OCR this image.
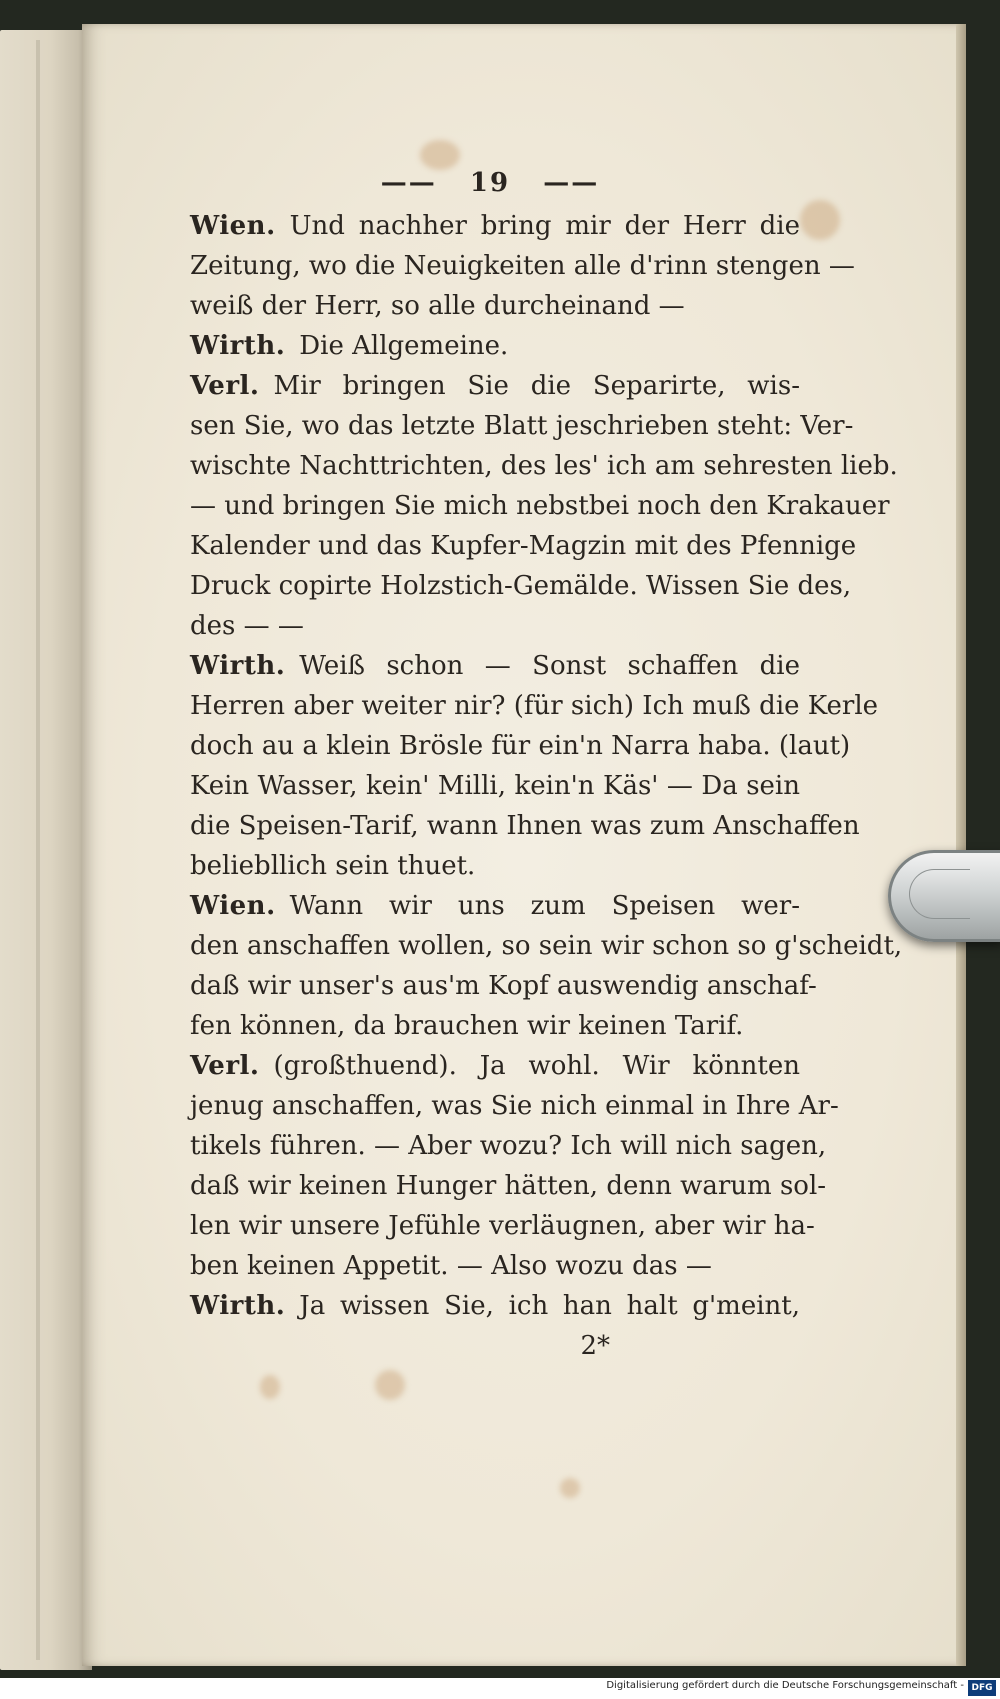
—— 19 ——
Wien. Und nachher bring mir der Herr die
Zeitung, wo die Neuigkeiten alle d'rinn stengen —
weiß der Herr, so alle durcheinand —
Wirth. Die Allgemeine.
Verl. Mir bringen Sie die Separirte, wis-
sen Sie, wo das letzte Blatt jeschrieben steht: Ver-
wischte Nachttrichten, des les' ich am sehresten lieb.
— und bringen Sie mich nebstbei noch den Krakauer
Kalender und das Kupfer-Magzin mit des Pfennige
Druck copirte Holzstich-Gemälde. Wissen Sie des,
des — —
Wirth. Weiß schon — Sonst schaffen die
Herren aber weiter nir? (für sich) Ich muß die Kerle
doch au a klein Brösle für ein'n Narra haba. (laut)
Kein Wasser, kein' Milli, kein'n Käs' — Da sein
die Speisen-Tarif, wann Ihnen was zum Anschaffen
beliebllich sein thuet.
Wien. Wann wir uns zum Speisen wer-
den anschaffen wollen, so sein wir schon so g'scheidt,
daß wir unser's aus'm Kopf auswendig anschaf-
fen können, da brauchen wir keinen Tarif.
Verl. (großthuend). Ja wohl. Wir könnten
jenug anschaffen, was Sie nich einmal in Ihre Ar-
tikels führen. — Aber wozu? Ich will nich sagen,
daß wir keinen Hunger hätten, denn warum sol-
len wir unsere Jefühle verläugnen, aber wir ha-
ben keinen Appetit. — Also wozu das —
Wirth. Ja wissen Sie, ich han halt g'meint,
2*
Digitalisierung gefördert durch die Deutsche Forschungsgemeinschaft - DFG
